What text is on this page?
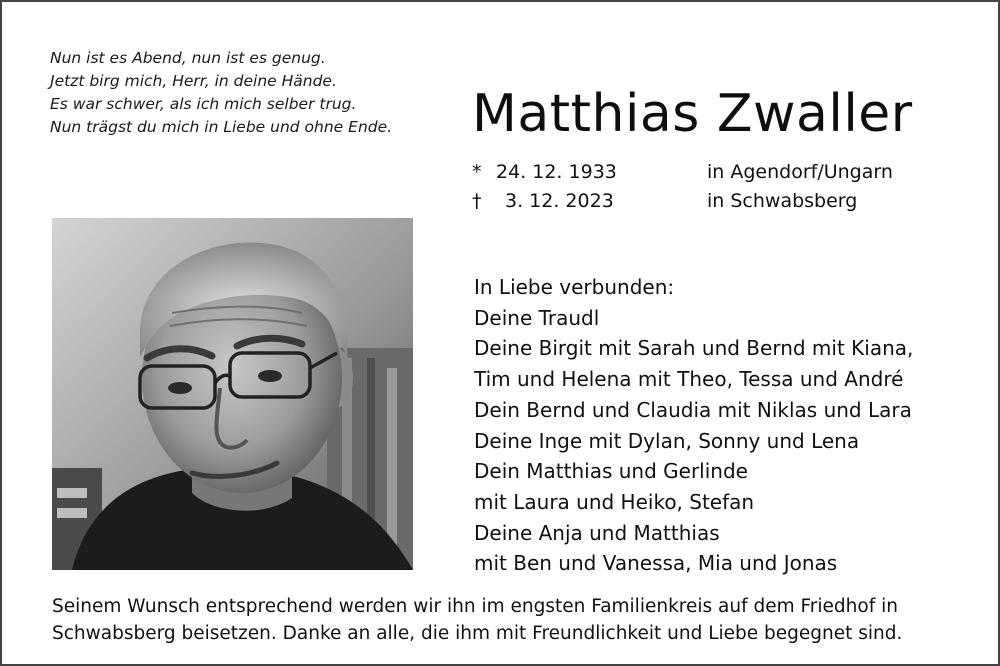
Nun ist es Abend, nun ist es genug.
Jetzt birg mich, Herr, in deine Hände.
Es war schwer, als ich mich selber trug.
Nun trägst du mich in Liebe und ohne Ende. Matthias Zwaller
* 24. 12. 1933	in Agendorf/Ungarn
† 3. 12. 2023	in Schwabsberg
In Liebe verbunden:
Deine Traudl
Deine Birgit mit Sarah und Bernd mit Kiana,
Tim und Helena mit Theo, Tessa und André
Dein Bernd und Claudia mit Niklas und Lara
Deine Inge mit Dylan, Sonny und Lena
Dein Matthias und Gerlinde
mit Laura und Heiko, Stefan
Deine Anja und Matthias
mit Ben und Vanessa, Mia und Jonas
Seinem Wunsch entsprechend werden wir ihn im engsten Familienkreis auf dem Friedhof in
Schwabsberg beisetzen. Danke an alle, die ihm mit Freundlichkeit und Liebe begegnet sind.
